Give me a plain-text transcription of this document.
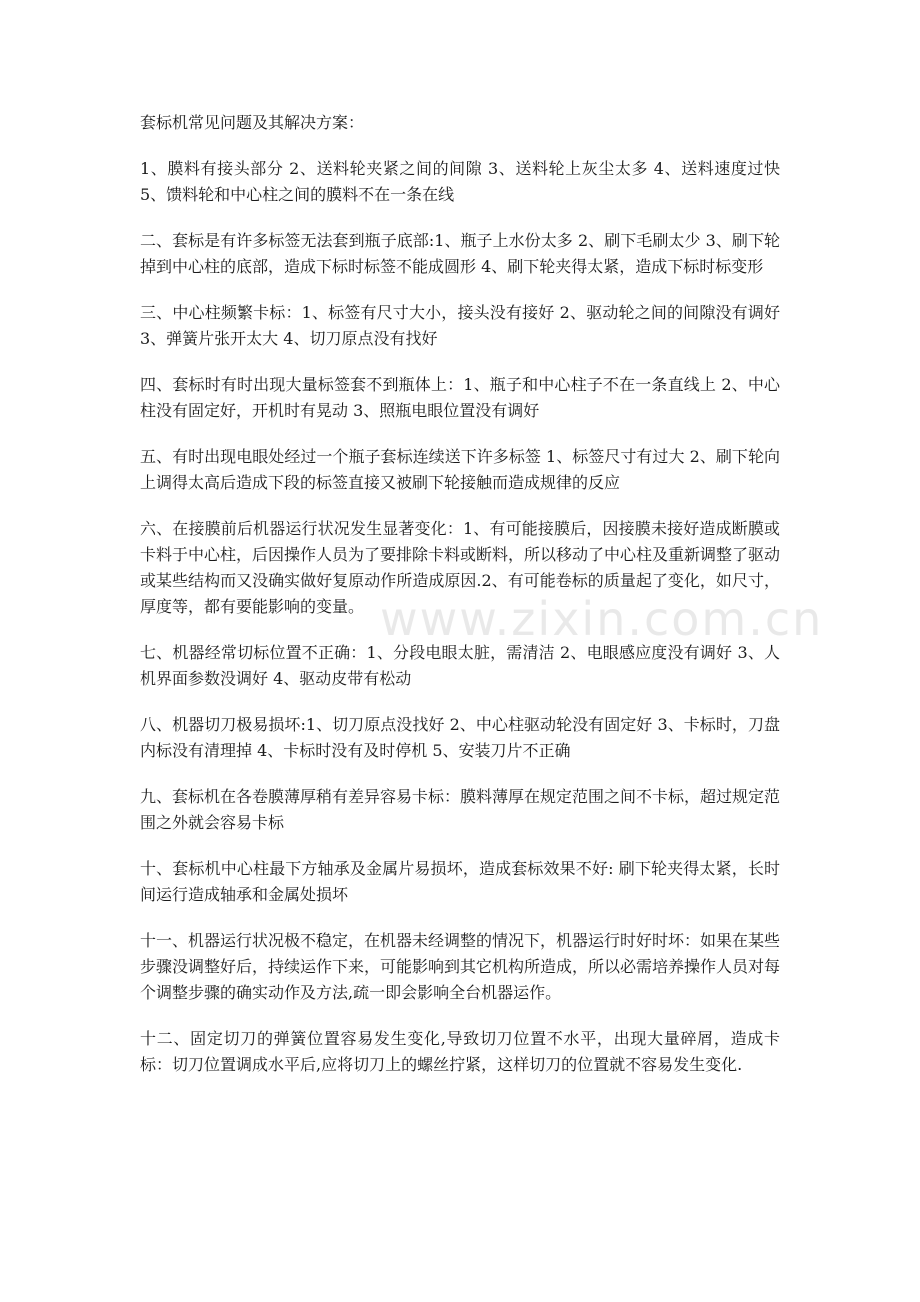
套标机常见问题及其解决方案：

1、膜料有接头部分 2、送料轮夹紧之间的间隙 3、送料轮上灰尘太多 4、送料速度过快 5、馈料轮和中心柱之间的膜料不在一条在线

二、套标是有许多标签无法套到瓶子底部:1、瓶子上水份太多 2、刷下毛刷太少 3、刷下轮掉到中心柱的底部，造成下标时标签不能成圆形 4、刷下轮夹得太紧，造成下标时标变形

三、中心柱频繁卡标：1、标签有尺寸大小，接头没有接好 2、驱动轮之间的间隙没有调好 3、弹簧片张开太大 4、切刀原点没有找好

四、套标时有时出现大量标签套不到瓶体上：1、瓶子和中心柱子不在一条直线上 2、中心柱没有固定好，开机时有晃动 3、照瓶电眼位置没有调好

五、有时出现电眼处经过一个瓶子套标连续送下许多标签 1、标签尺寸有过大 2、刷下轮向上调得太高后造成下段的标签直接又被刷下轮接触而造成规律的反应

六、在接膜前后机器运行状况发生显著变化：1、有可能接膜后，因接膜未接好造成断膜或卡料于中心柱，后因操作人员为了要排除卡料或断料，所以移动了中心柱及重新调整了驱动或某些结构而又没确实做好复原动作所造成原因.2、有可能卷标的质量起了变化，如尺寸，厚度等，都有要能影响的变量。

七、机器经常切标位置不正确：1、分段电眼太脏，需清洁 2、电眼感应度没有调好 3、人机界面参数没调好 4、驱动皮带有松动

八、机器切刀极易损坏:1、切刀原点没找好 2、中心柱驱动轮没有固定好 3、卡标时，刀盘内标没有清理掉 4、卡标时没有及时停机 5、安装刀片不正确

九、套标机在各卷膜薄厚稍有差异容易卡标：膜料薄厚在规定范围之间不卡标，超过规定范围之外就会容易卡标

十、套标机中心柱最下方轴承及金属片易损坏，造成套标效果不好: 刷下轮夹得太紧，长时间运行造成轴承和金属处损坏

十一、机器运行状况极不稳定，在机器未经调整的情况下，机器运行时好时坏：如果在某些步骤没调整好后，持续运作下来，可能影响到其它机构所造成，所以必需培养操作人员对每个调整步骤的确实动作及方法,疏一即会影响全台机器运作。

十二、固定切刀的弹簧位置容易发生变化,导致切刀位置不水平，出现大量碎屑，造成卡标：切刀位置调成水平后,应将切刀上的螺丝拧紧，这样切刀的位置就不容易发生变化.

www.zixin.com.cn
